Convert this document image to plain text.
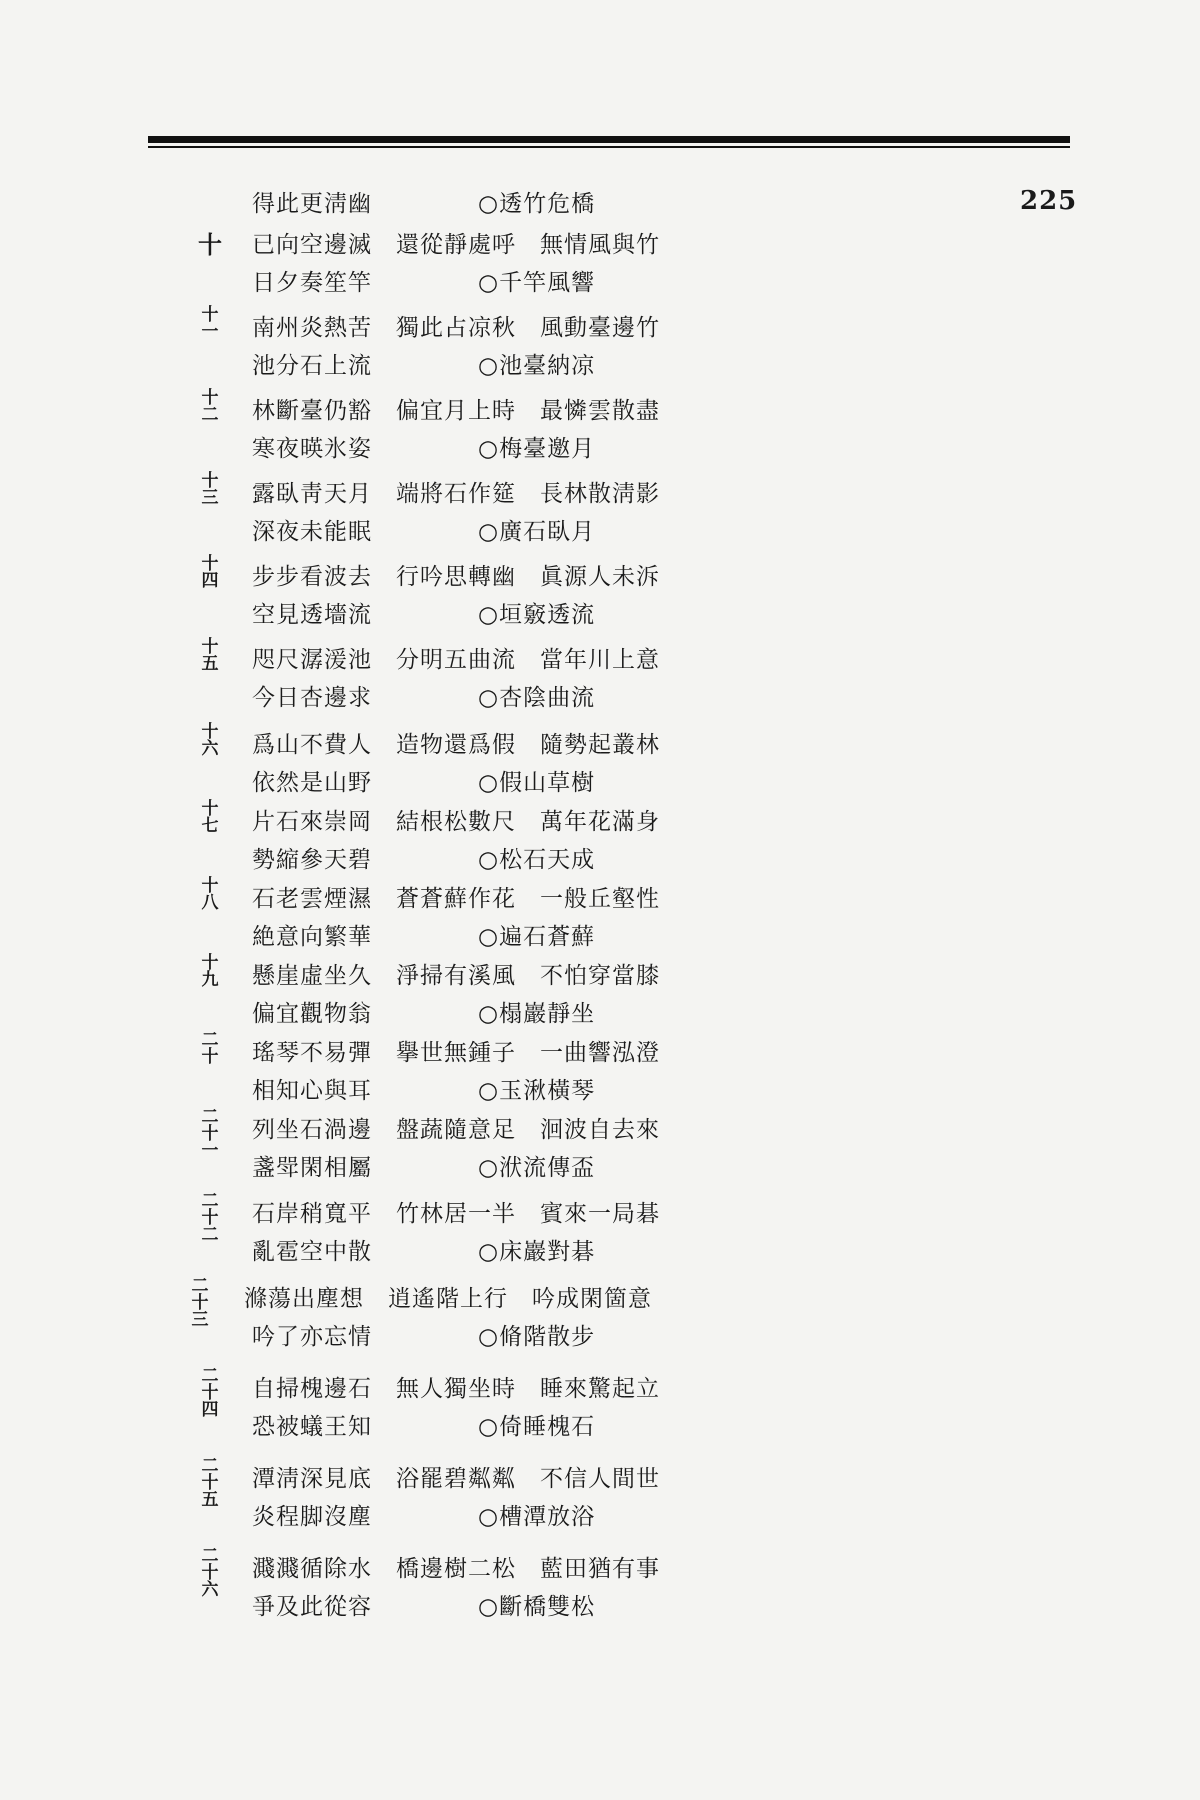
225
得此更淸幽	○透竹危橋
十	已向空邊滅　還從靜處呼　無情風與竹
日夕奏笙竿	○千竿風響
十一 南州炎熱苦　獨此占凉秋　風動臺邊竹
池分石上流	○池臺納凉
十二 林斷臺仍豁　偏宜月上時　最憐雲散盡
寒夜暎氷姿	○梅臺邀月
十三 露臥靑天月　端將石作筵　長林散淸影
深夜未能眠	○廣石臥月
十四 步步看波去　行吟思轉幽　眞源人未泝
空見透墻流	○垣竅透流
十五 咫尺潺湲池　分明五曲流　當年川上意
今日杏邊求	○杏陰曲流
十六 爲山不費人　造物還爲假　隨勢起叢林
依然是山野	○假山草樹
十七 片石來崇岡　結根松數尺　萬年花滿身
勢縮參天碧	○松石天成
十八 石老雲煙濕　蒼蒼蘚作花　一般丘壑性
絶意向繁華	○遍石蒼蘚
十九 懸崖虛坐久　淨掃有溪風　不怕穿當膝
偏宜觀物翁	○榻巖靜坐
二十 瑤琴不易彈　擧世無鍾子　一曲響泓澄
相知心與耳	○玉湫橫琴
二十一
列坐石渦邊　盤蔬隨意足　洄波自去來
盞斝閑相屬	○洑流傳盃
二十二
石岸稍寬平　竹林居一半　賓來一局碁
亂雹空中散	○床巖對碁
二十三
滌蕩出塵想　逍遙階上行　吟成閑箇意
吟了亦忘情	○脩階散步
二十四
自掃槐邊石　無人獨坐時　睡來驚起立
恐被蟻王知	○倚睡槐石
二十五
潭淸深見底　浴罷碧粼粼　不信人間世
炎程脚沒塵	○槽潭放浴
二十六
濺濺循除水　橋邊樹二松　藍田猶有事
爭及此從容	○斷橋雙松
